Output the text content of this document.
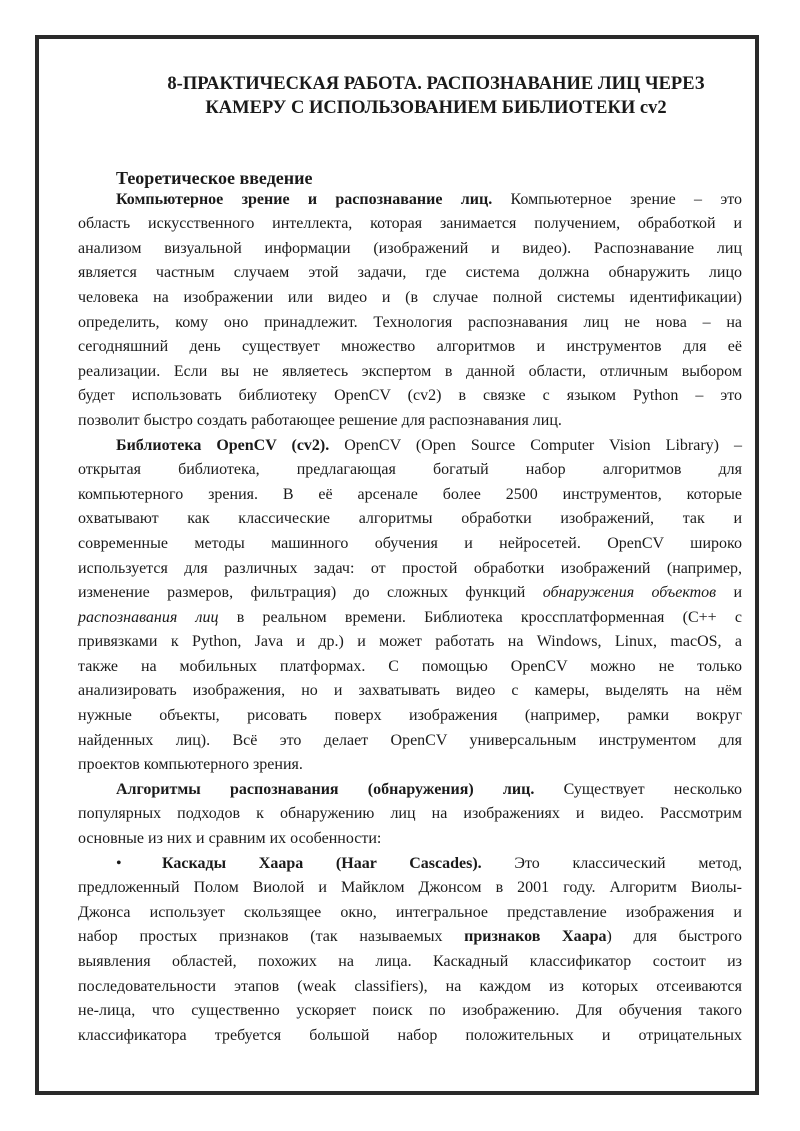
8-ПРАКТИЧЕСКАЯ РАБОТА. РАСПОЗНАВАНИЕ ЛИЦ ЧЕРЕЗ
КАМЕРУ С ИСПОЛЬЗОВАНИЕМ БИБЛИОТЕКИ cv2
Теоретическое введение
Компьютерное зрение и распознавание лиц. Компьютерное зрение – это
область искусственного интеллекта, которая занимается получением, обработкой и
анализом визуальной информации (изображений и видео). Распознавание лиц
является частным случаем этой задачи, где система должна обнаружить лицо
человека на изображении или видео и (в случае полной системы идентификации)
определить, кому оно принадлежит. Технология распознавания лиц не нова – на
сегодняшний день существует множество алгоритмов и инструментов для её
реализации. Если вы не являетесь экспертом в данной области, отличным выбором
будет использовать библиотеку OpenCV (cv2) в связке с языком Python – это
позволит быстро создать работающее решение для распознавания лиц.
Библиотека OpenCV (cv2). OpenCV (Open Source Computer Vision Library) –
открытая библиотека, предлагающая богатый набор алгоритмов для
компьютерного зрения. В её арсенале более 2500 инструментов, которые
охватывают как классические алгоритмы обработки изображений, так и
современные методы машинного обучения и нейросетей. OpenCV широко
используется для различных задач: от простой обработки изображений (например,
изменение размеров, фильтрация) до сложных функций обнаружения объектов и
распознавания лиц в реальном времени. Библиотека кроссплатформенная (C++ с
привязками к Python, Java и др.) и может работать на Windows, Linux, macOS, а
также на мобильных платформах. С помощью OpenCV можно не только
анализировать изображения, но и захватывать видео с камеры, выделять на нём
нужные объекты, рисовать поверх изображения (например, рамки вокруг
найденных лиц). Всё это делает OpenCV универсальным инструментом для
проектов компьютерного зрения.
Алгоритмы распознавания (обнаружения) лиц. Существует несколько
популярных подходов к обнаружению лиц на изображениях и видео. Рассмотрим
основные из них и сравним их особенности:
•	Каскады Хаара (Haar Cascades). Это классический метод,
предложенный Полом Виолой и Майклом Джонсом в 2001 году. Алгоритм Виолы-
Джонса использует скользящее окно, интегральное представление изображения и
набор простых признаков (так называемых признаков Хаара) для быстрого
выявления областей, похожих на лица. Каскадный классификатор состоит из
последовательности этапов (weak classifiers), на каждом из которых отсеиваются
не-лица, что существенно ускоряет поиск по изображению. Для обучения такого
классификатора требуется большой набор положительных и отрицательных
